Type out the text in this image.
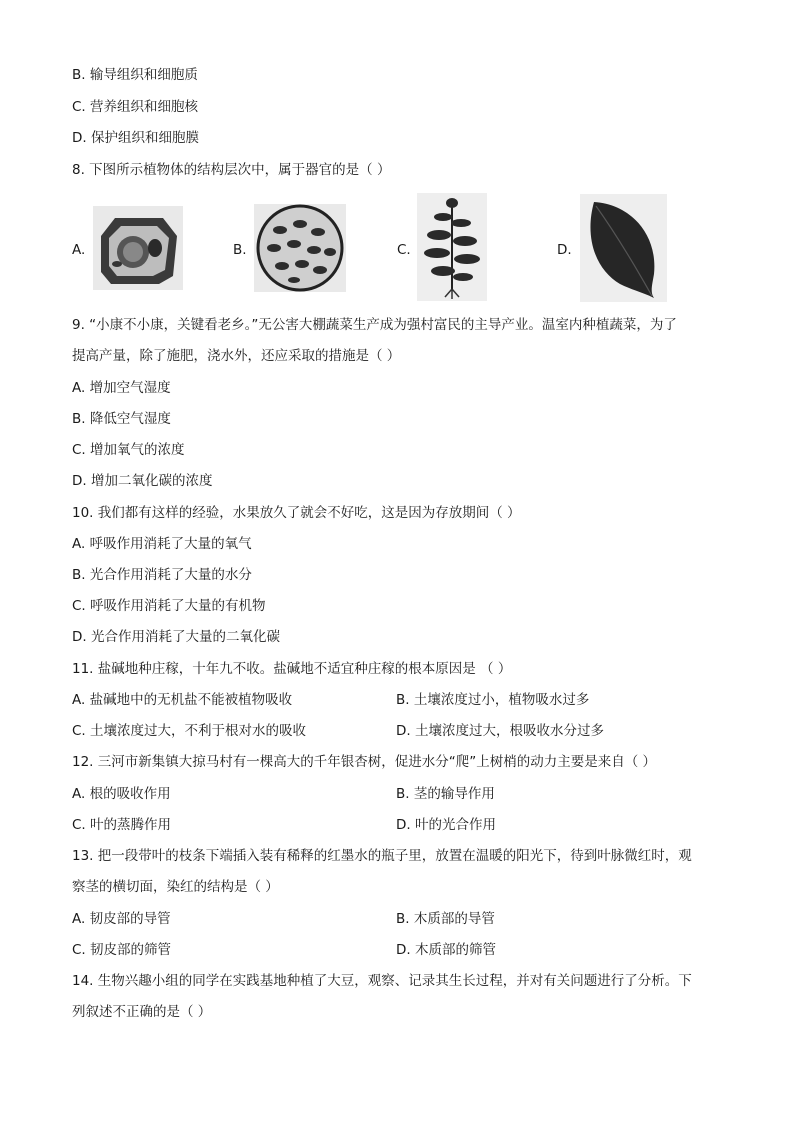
B. 输导组织和细胞质
C. 营养组织和细胞核
D. 保护组织和细胞膜
8. 下图所示植物体的结构层次中，属于器官的是（ ）
A.	B.	C.	D.
9. “小康不小康，关键看老乡。”无公害大棚蔬菜生产成为强村富民的主导产业。温室内种植蔬菜，为了
提高产量，除了施肥，浇水外，还应采取的措施是（ ）
A. 增加空气湿度
B. 降低空气湿度
C. 增加氧气的浓度
D. 增加二氧化碳的浓度
10. 我们都有这样的经验，水果放久了就会不好吃，这是因为存放期间（ ）
A. 呼吸作用消耗了大量的氧气
B. 光合作用消耗了大量的水分
C. 呼吸作用消耗了大量的有机物
D. 光合作用消耗了大量的二氧化碳
11. 盐碱地种庄稼，十年九不收。盐碱地不适宜种庄稼的根本原因是 （ ）
A. 盐碱地中的无机盐不能被植物吸收	B. 土壤浓度过小，植物吸水过多
C. 土壤浓度过大，不利于根对水的吸收	D. 土壤浓度过大，根吸收水分过多
12. 三河市新集镇大掠马村有一棵高大的千年银杏树，促进水分“爬”上树梢的动力主要是来自（ ）
A. 根的吸收作用	B. 茎的输导作用
C. 叶的蒸腾作用	D. 叶的光合作用
13. 把一段带叶的枝条下端插入装有稀释的红墨水的瓶子里，放置在温暖的阳光下，待到叶脉微红时，观
察茎的横切面，染红的结构是（ ）
A. 韧皮部的导管	B. 木质部的导管
C. 韧皮部的筛管	D. 木质部的筛管
14. 生物兴趣小组的同学在实践基地种植了大豆，观察、记录其生长过程，并对有关问题进行了分析。下
列叙述不正确的是（ ）
